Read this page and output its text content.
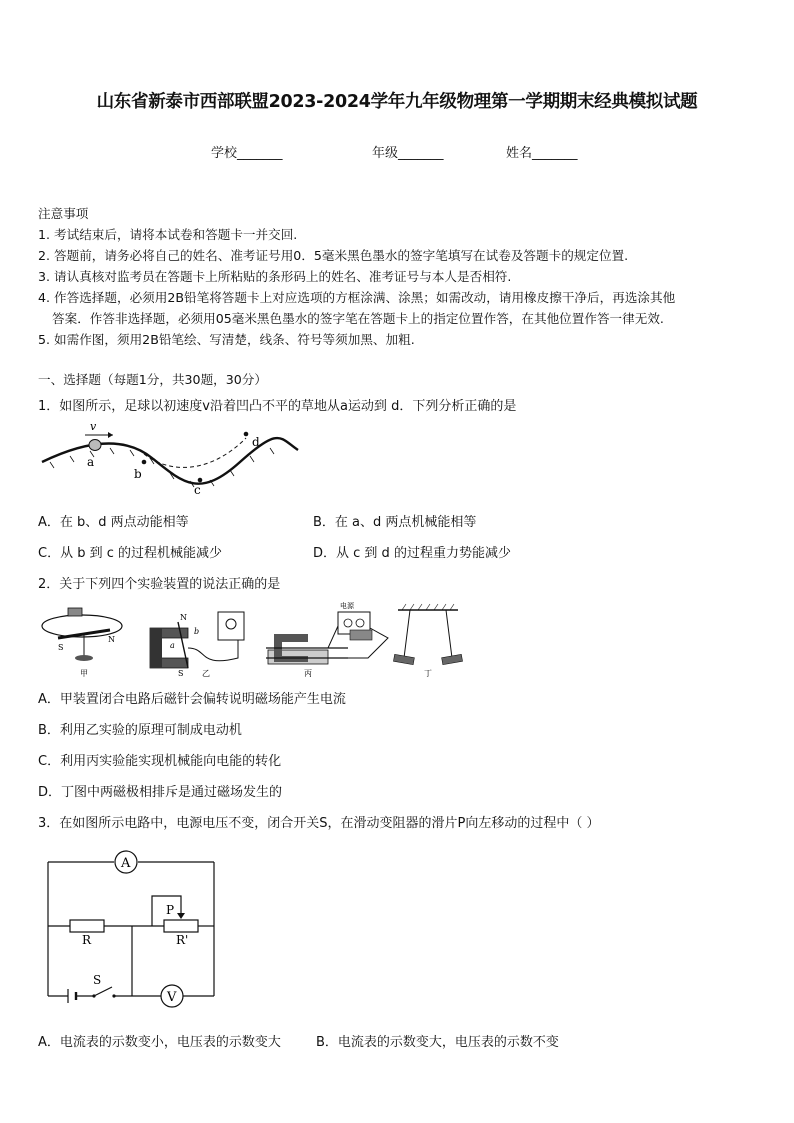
山东省新泰市西部联盟2023-2024学年九年级物理第一学期期末经典模拟试题
学校_______	年级_______	姓名_______
注意事项
1. 考试结束后，请将本试卷和答题卡一并交回.
2. 答题前，请务必将自己的姓名、准考证号用0．5毫米黑色墨水的签字笔填写在试卷及答题卡的规定位置.
3. 请认真核对监考员在答题卡上所粘贴的条形码上的姓名、准考证号与本人是否相符.
4. 作答选择题，必须用2B铅笔将答题卡上对应选项的方框涂满、涂黑；如需改动，请用橡皮擦干净后，再选涂其他
答案．作答非选择题，必须用05毫米黑色墨水的签字笔在答题卡上的指定位置作答，在其他位置作答一律无效.
5. 如需作图，须用2B铅笔绘、写清楚，线条、符号等须加黑、加粗.
一、选择题（每题1分，共30题，30分）
1．如图所示，足球以初速度v沿着凹凸不平的草地从a运动到 d．下列分析正确的是
v
a
b
c
d
A．在 b、d 两点动能相等	B．在 a、d 两点机械能相等
C．从 b 到 c 的过程机械能减少	D．从 c 到 d 的过程重力势能减少
2．关于下列四个实验装置的说法正确的是
S
N
甲
N
S
a
b
乙
电源
丙	丁
A．甲装置闭合电路后磁针会偏转说明磁场能产生电流
B．利用乙实验的原理可制成电动机
C．利用丙实验能实现机械能向电能的转化
D．丁图中两磁极相排斥是通过磁场发生的
3．在如图所示电路中，电源电压不变，闭合开关S，在滑动变阻器的滑片P向左移动的过程中（ ）
A
V
P
R	R'
S
A．电流表的示数变小，电压表的示数变大	B．电流表的示数变大，电压表的示数不变
